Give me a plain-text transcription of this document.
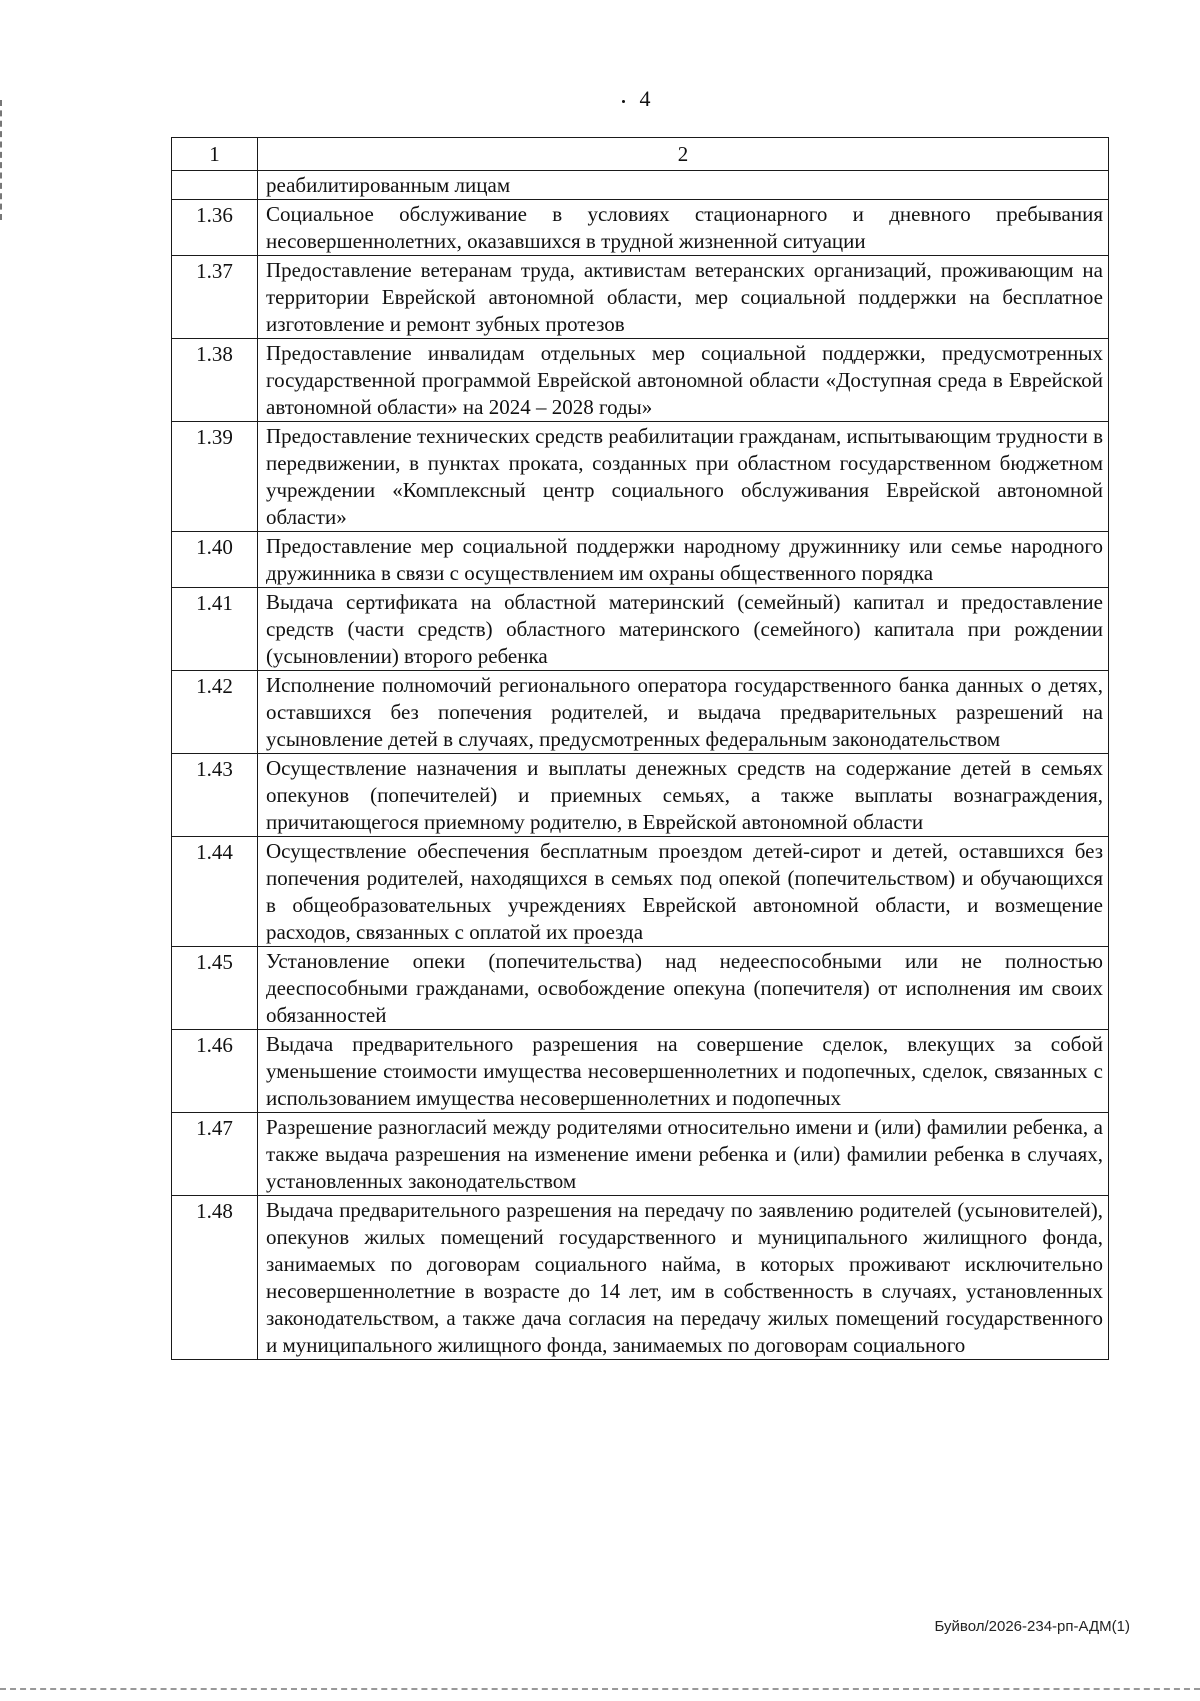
4
1	2
	реабилитированным лицам
1.36	Социальное обслуживание в условиях стационарного и дневного пребывания несовершеннолетних, оказавшихся в трудной жизненной ситуации
1.37	Предоставление ветеранам труда, активистам ветеранских организаций, проживающим на территории Еврейской автономной области, мер социальной поддержки на бесплатное изготовление и ремонт зубных протезов
1.38	Предоставление инвалидам отдельных мер социальной поддержки, предусмотренных государственной программой Еврейской автономной области «Доступная среда в Еврейской автономной области» на 2024 – 2028 годы»
1.39	Предоставление технических средств реабилитации гражданам, испытывающим трудности в передвижении, в пунктах проката, созданных при областном государственном бюджетном учреждении «Комплексный центр социального обслуживания Еврейской автономной области»
1.40	Предоставление мер социальной поддержки народному дружиннику или семье народного дружинника в связи с осуществлением им охраны общественного порядка
1.41	Выдача сертификата на областной материнский (семейный) капитал и предоставление средств (части средств) областного материнского (семейного) капитала при рождении (усыновлении) второго ребенка
1.42	Исполнение полномочий регионального оператора государственного банка данных о детях, оставшихся без попечения родителей, и выдача предварительных разрешений на усыновление детей в случаях, предусмотренных федеральным законодательством
1.43	Осуществление назначения и выплаты денежных средств на содержание детей в семьях опекунов (попечителей) и приемных семьях, а также выплаты вознаграждения, причитающегося приемному родителю, в Еврейской автономной области
1.44	Осуществление обеспечения бесплатным проездом детей-сирот и детей, оставшихся без попечения родителей, находящихся в семьях под опекой (попечительством) и обучающихся в общеобразовательных учреждениях Еврейской автономной области, и возмещение расходов, связанных с оплатой их проезда
1.45	Установление опеки (попечительства) над недееспособными или не полностью дееспособными гражданами, освобождение опекуна (попечителя) от исполнения им своих обязанностей
1.46	Выдача предварительного разрешения на совершение сделок, влекущих за собой уменьшение стоимости имущества несовершеннолетних и подопечных, сделок, связанных с использованием имущества несовершеннолетних и подопечных
1.47	Разрешение разногласий между родителями относительно имени и (или) фамилии ребенка, а также выдача разрешения на изменение имени ребенка и (или) фамилии ребенка в случаях, установленных законодательством
1.48	Выдача предварительного разрешения на передачу по заявлению родителей (усыновителей), опекунов жилых помещений государственного и муниципального жилищного фонда, занимаемых по договорам социального найма, в которых проживают исключительно несовершеннолетние в возрасте до 14 лет, им в собственность в случаях, установленных законодательством, а также дача согласия на передачу жилых помещений государственного и муниципального жилищного фонда, занимаемых по договорам социального
Буйвол/2026-234-рп-АДМ(1)
